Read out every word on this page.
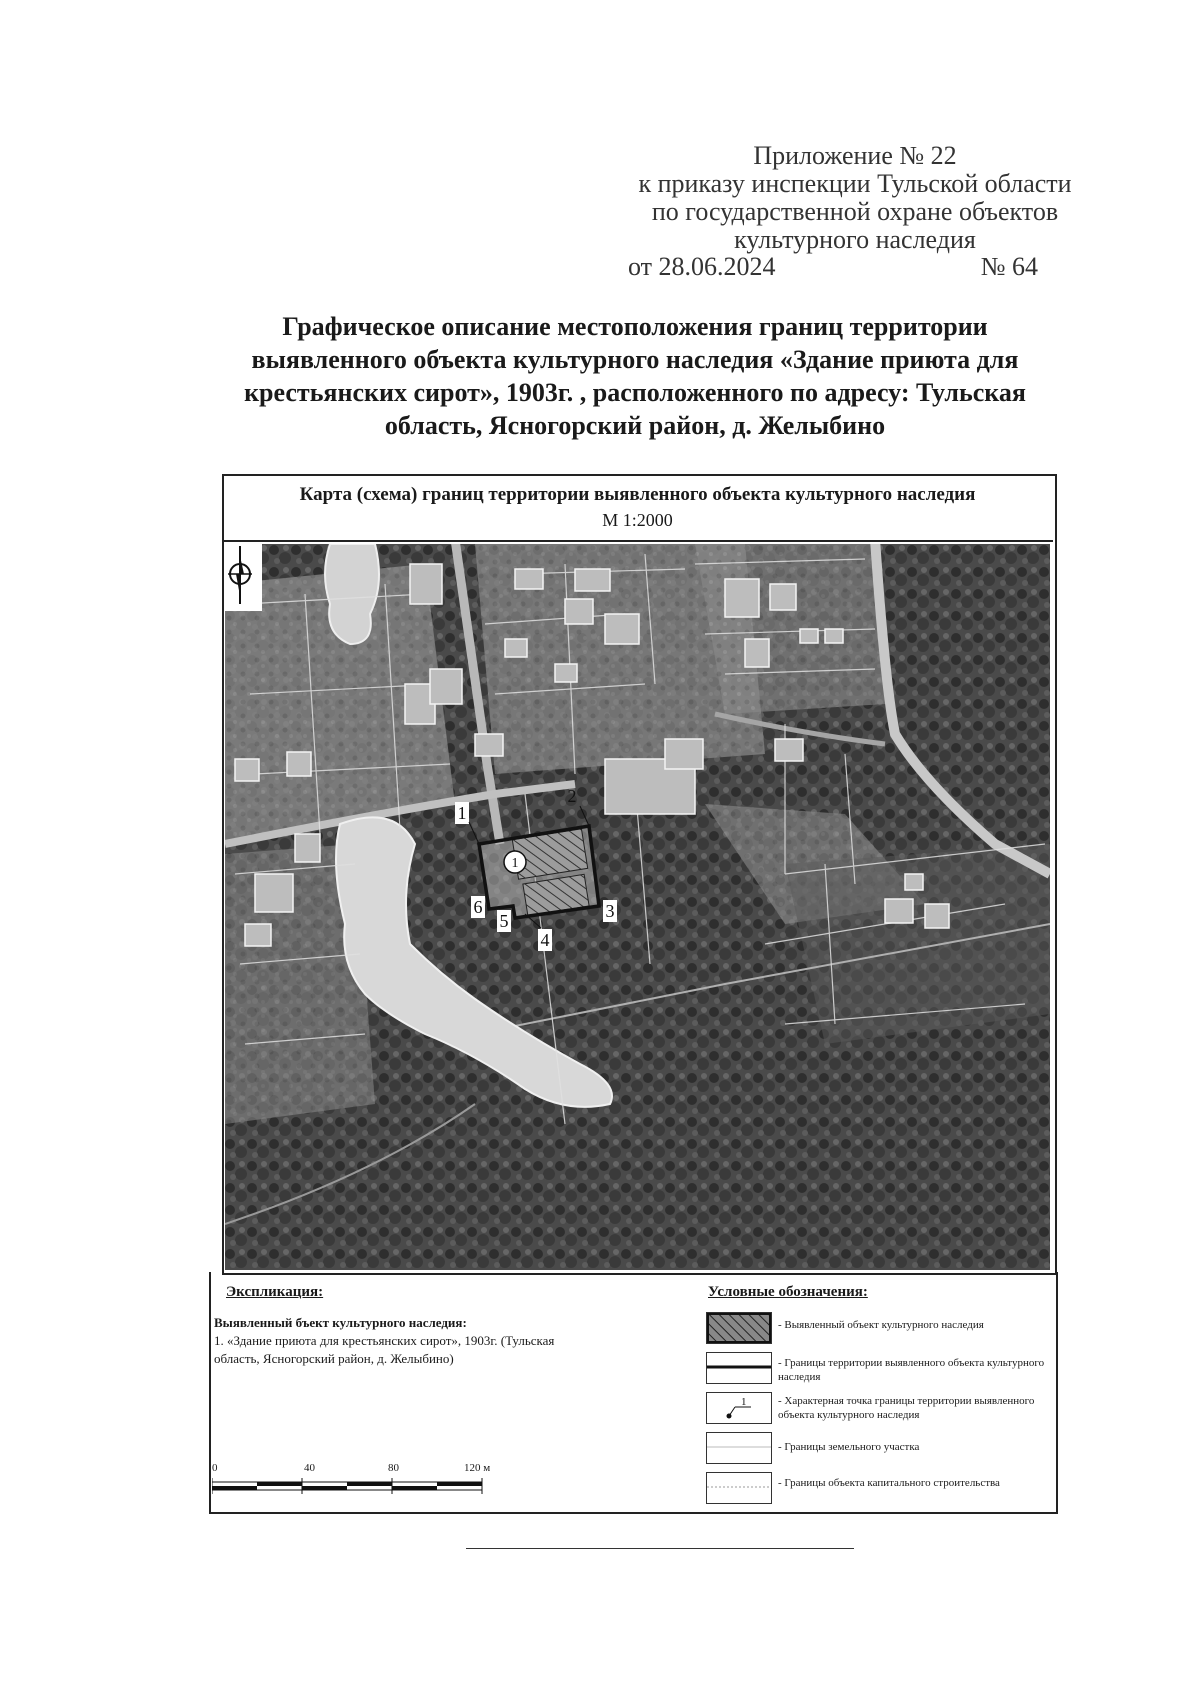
Приложение № 22
к приказу инспекции Тульской области
по государственной охране объектов
культурного наследия
от 28.06.2024	№ 64
Графическое описание местоположения границ территории
выявленного объекта культурного наследия «Здание приюта для
крестьянских сирот», 1903г. , расположенного по адресу: Тульская
область, Ясногорский район, д. Желыбино
Карта (схема) границ территории выявленного объекта культурного наследия
М 1:2000
1
1
2
3
4
5
6
Экспликация:
Выявленный бъект культурного наследия:
1. «Здание приюта для крестьянских сирот», 1903г. (Тульская
область, Ясногорский район, д. Желыбино)
Условные обозначения:
- Выявленный объект культурного наследия
- Границы территории выявленного объекта культурного наследия
1	- Характерная точка границы территории выявленного объекта культурного наследия
- Границы земельного участка
- Границы объекта капитального строительства
0	40	80	120 м
